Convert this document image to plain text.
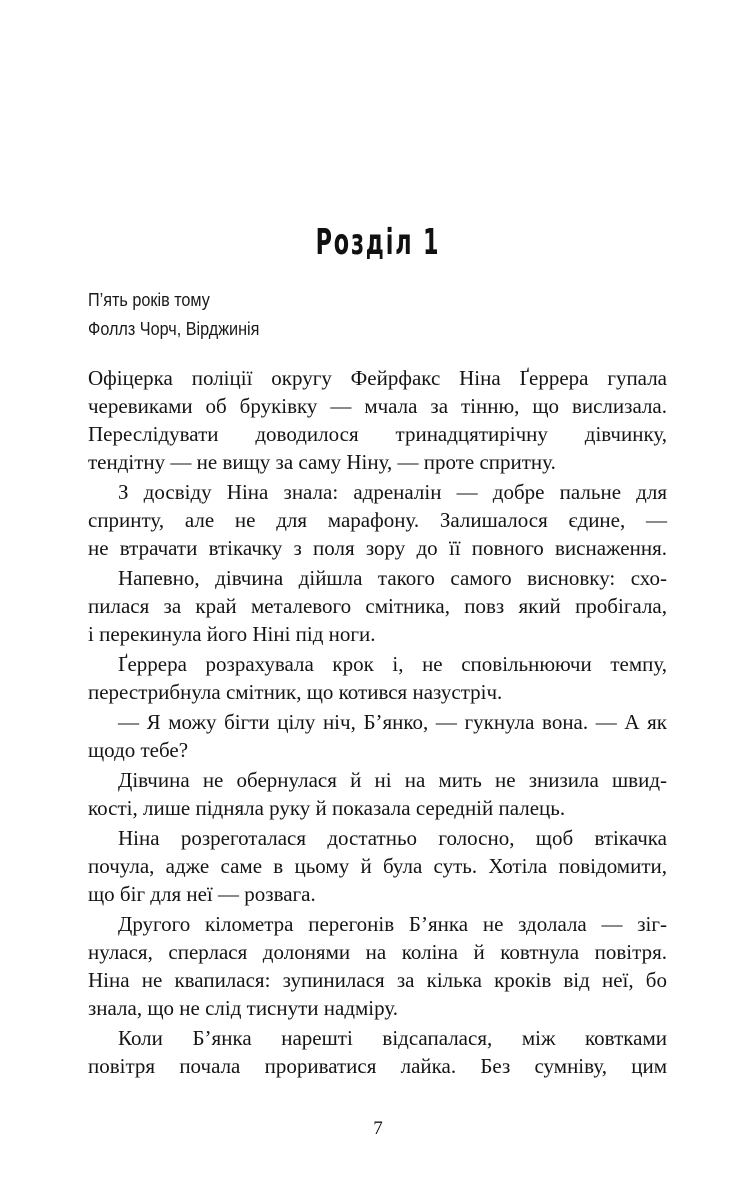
Розділ 1
П’ять років тому
Фоллз Чорч, Вірджинія
Офіцерка поліції округу Фейрфакс Ніна Ґеррера гупала
черевиками об бруківку — мчала за тінню, що вислизала.
Переслідувати доводилося тринадцятирічну дівчинку,
тендітну — не вищу за саму Ніну, — проте спритну.
З досвіду Ніна знала: адреналін — добре пальне для
спринту, але не для марафону. Залишалося єдине, —
не втрачати втікачку з поля зору до її повного виснаження.
Напевно, дівчина дійшла такого самого висновку: схо-
пилася за край металевого смітника, повз який пробігала,
і перекинула його Ніні під ноги.
Ґеррера розрахувала крок і, не сповільнюючи темпу,
перестрибнула смітник, що котився назустріч.
— Я можу бігти цілу ніч, Б’янко, — гукнула вона. — А як
щодо тебе?
Дівчина не обернулася й ні на мить не знизила швид-
кості, лише підняла руку й показала середній палець.
Ніна розреготалася достатньо голосно, щоб втікачка
почула, адже саме в цьому й була суть. Хотіла повідомити,
що біг для неї — розвага.
Другого кілометра перегонів Б’янка не здолала — зіг-
нулася, сперлася долонями на коліна й ковтнула повітря.
Ніна не квапилася: зупинилася за кілька кроків від неї, бо
знала, що не слід тиснути надміру.
Коли Б’янка нарешті відсапалася, між ковтками
повітря почала прориватися лайка. Без сумніву, цим
7
